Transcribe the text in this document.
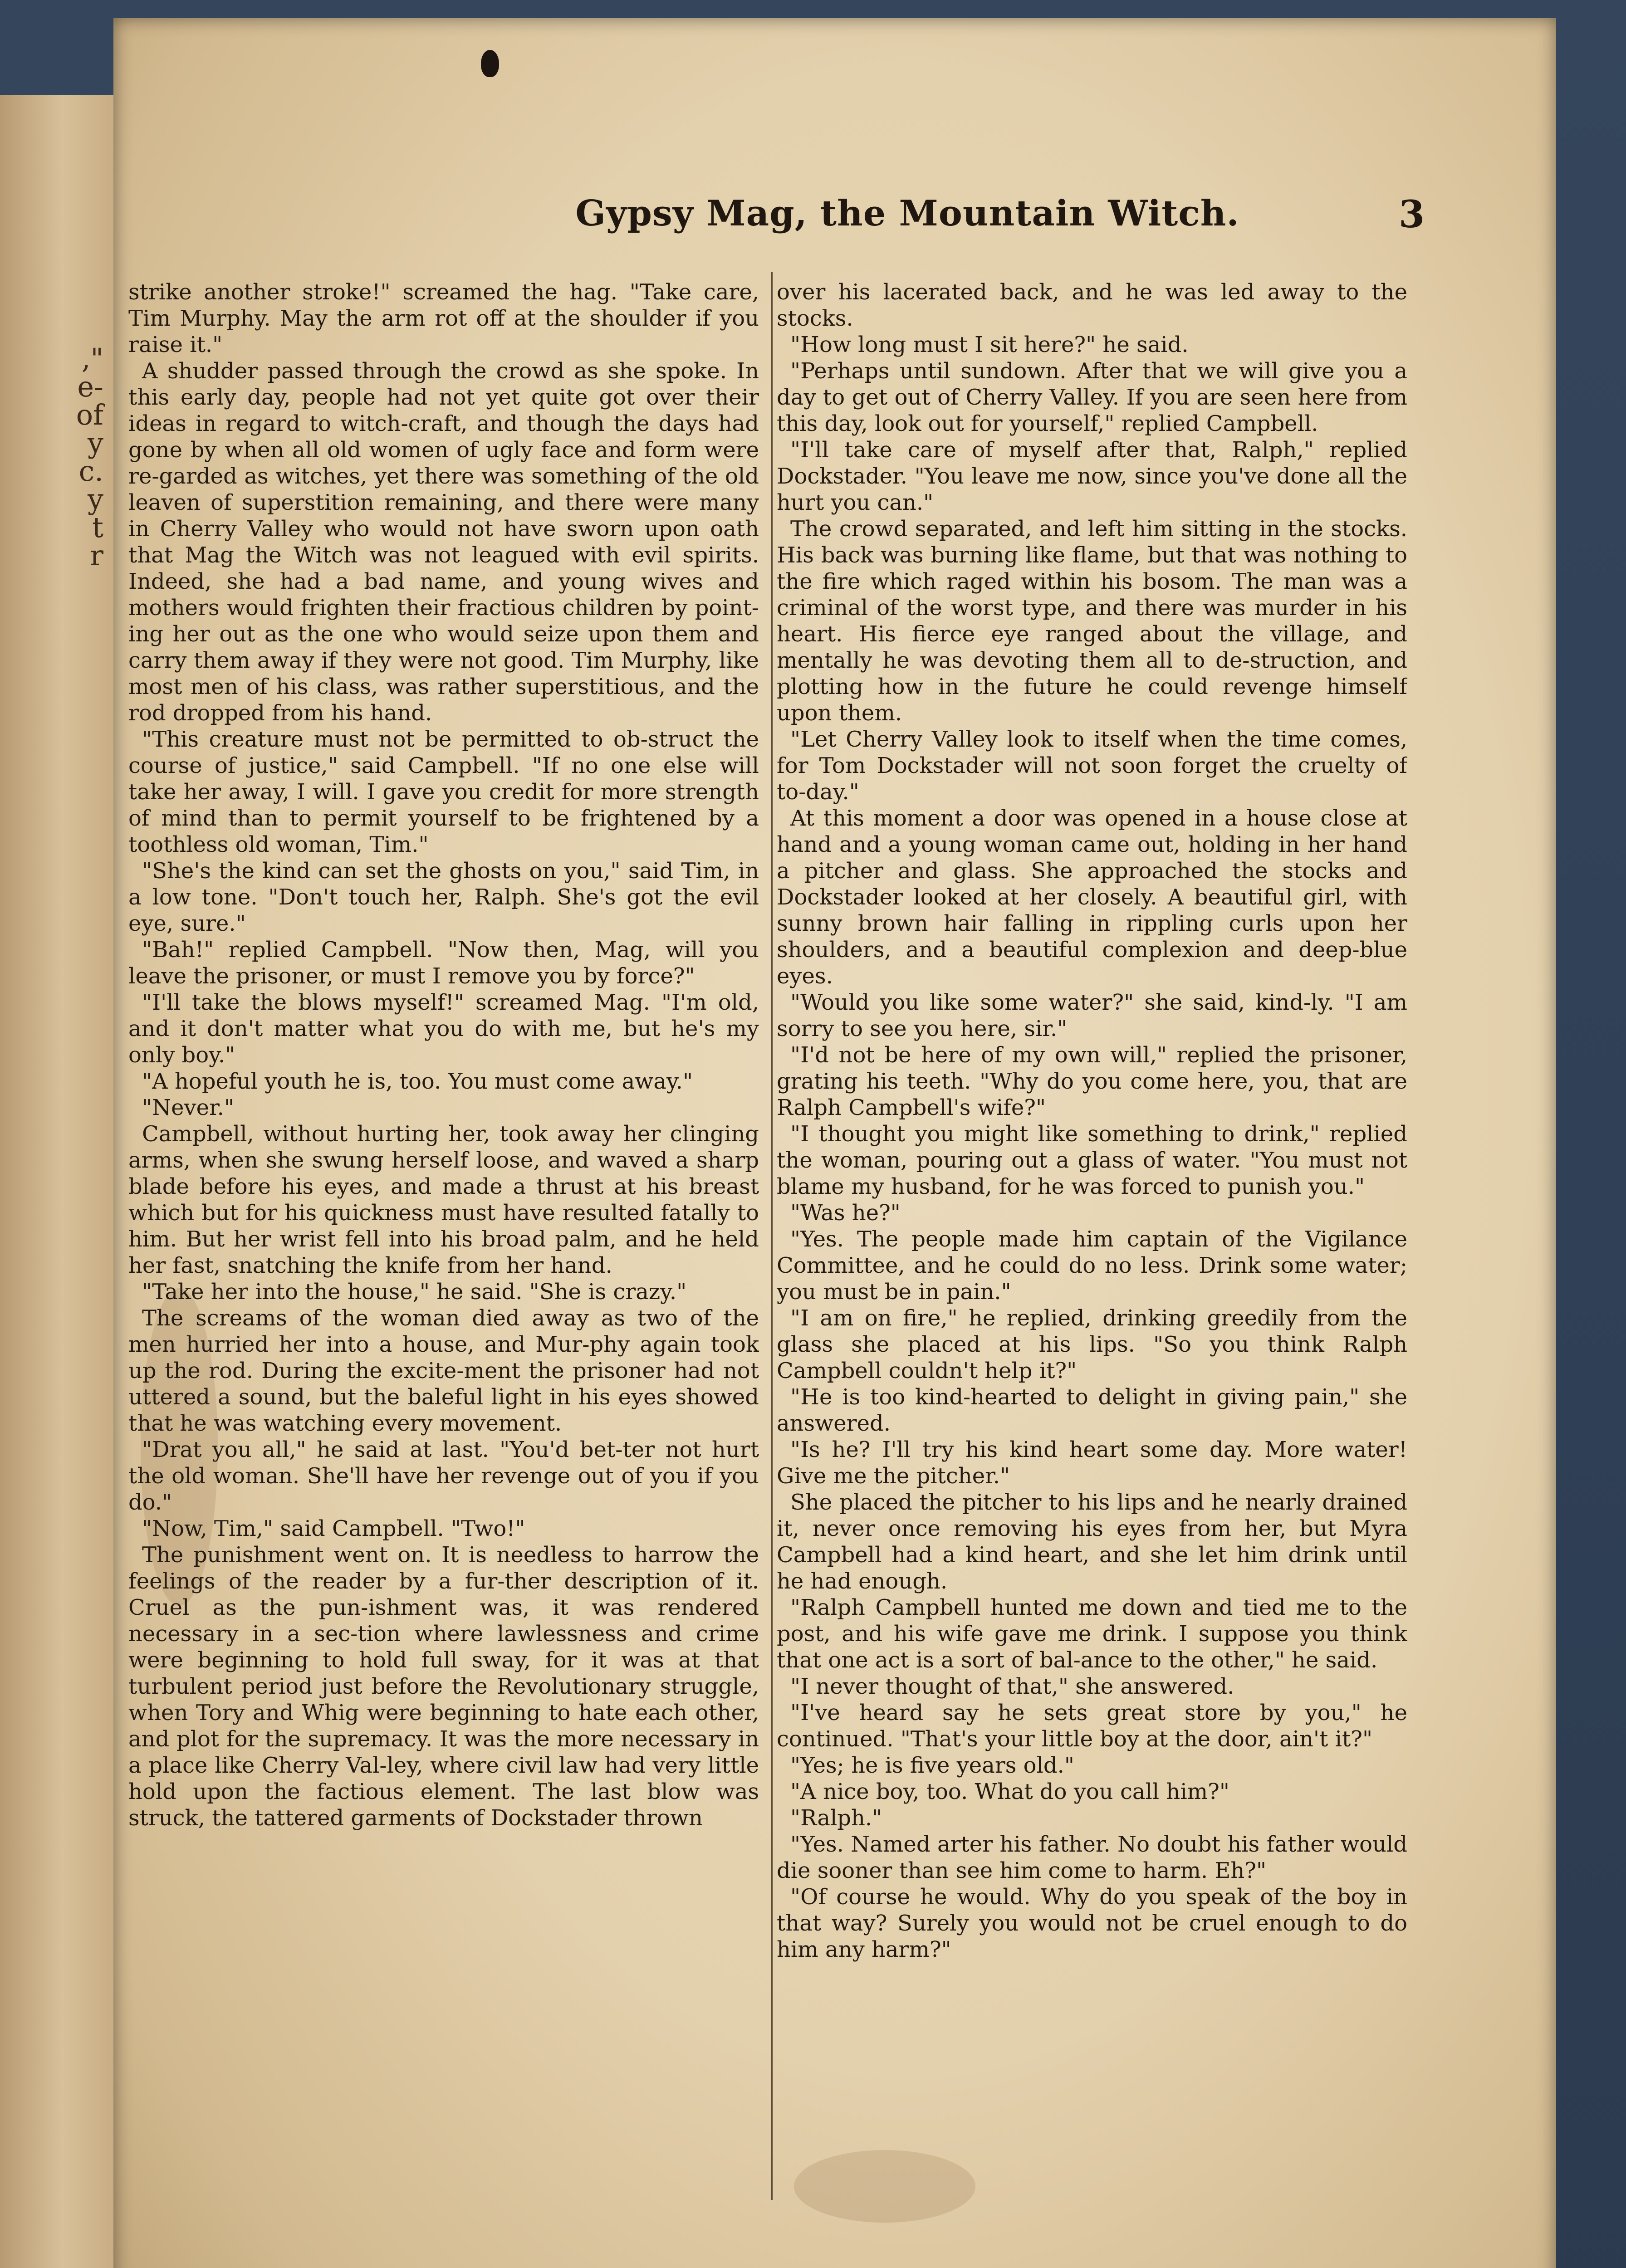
,"
e-
of
y
c.
y
t
r
Gypsy Mag, the Mountain Witch.	3

strike another stroke!" screamed the hag. "Take care, Tim Murphy. May the arm rot off at the shoulder if you raise it."

A shudder passed through the crowd as she spoke. In this early day, people had not yet quite got over their ideas in regard to witch-craft, and though the days had gone by when all old women of ugly face and form were re-garded as witches, yet there was something of the old leaven of superstition remaining, and there were many in Cherry Valley who would not have sworn upon oath that Mag the Witch was not leagued with evil spirits. Indeed, she had a bad name, and young wives and mothers would frighten their fractious children by point-ing her out as the one who would seize upon them and carry them away if they were not good. Tim Murphy, like most men of his class, was rather superstitious, and the rod dropped from his hand.

"This creature must not be permitted to ob-struct the course of justice," said Campbell. "If no one else will take her away, I will. I gave you credit for more strength of mind than to permit yourself to be frightened by a toothless old woman, Tim."

"She's the kind can set the ghosts on you," said Tim, in a low tone. "Don't touch her, Ralph. She's got the evil eye, sure."

"Bah!" replied Campbell. "Now then, Mag, will you leave the prisoner, or must I remove you by force?"

"I'll take the blows myself!" screamed Mag. "I'm old, and it don't matter what you do with me, but he's my only boy."

"A hopeful youth he is, too. You must come away."

"Never."

Campbell, without hurting her, took away her clinging arms, when she swung herself loose, and waved a sharp blade before his eyes, and made a thrust at his breast which but for his quickness must have resulted fatally to him. But her wrist fell into his broad palm, and he held her fast, snatching the knife from her hand.

"Take her into the house," he said. "She is crazy."

The screams of the woman died away as two of the men hurried her into a house, and Mur-phy again took up the rod. During the excite-ment the prisoner had not uttered a sound, but the baleful light in his eyes showed that he was watching every movement.

"Drat you all," he said at last. "You'd bet-ter not hurt the old woman. She'll have her revenge out of you if you do."

"Now, Tim," said Campbell. "Two!"

The punishment went on. It is needless to harrow the feelings of the reader by a fur-ther description of it. Cruel as the pun-ishment was, it was rendered necessary in a sec-tion where lawlessness and crime were beginning to hold full sway, for it was at that turbulent period just before the Revolutionary struggle, when Tory and Whig were beginning to hate each other, and plot for the supremacy. It was the more necessary in a place like Cherry Val-ley, where civil law had very little hold upon the factious element. The last blow was struck, the tattered garments of Dockstader thrown

over his lacerated back, and he was led away to the stocks.

"How long must I sit here?" he said.

"Perhaps until sundown. After that we will give you a day to get out of Cherry Valley. If you are seen here from this day, look out for yourself," replied Campbell.

"I'll take care of myself after that, Ralph," replied Dockstader. "You leave me now, since you've done all the hurt you can."

The crowd separated, and left him sitting in the stocks. His back was burning like flame, but that was nothing to the fire which raged within his bosom. The man was a criminal of the worst type, and there was murder in his heart. His fierce eye ranged about the village, and mentally he was devoting them all to de-struction, and plotting how in the future he could revenge himself upon them.

"Let Cherry Valley look to itself when the time comes, for Tom Dockstader will not soon forget the cruelty of to-day."

At this moment a door was opened in a house close at hand and a young woman came out, holding in her hand a pitcher and glass. She approached the stocks and Dockstader looked at her closely. A beautiful girl, with sunny brown hair falling in rippling curls upon her shoulders, and a beautiful complexion and deep-blue eyes.

"Would you like some water?" she said, kind-ly. "I am sorry to see you here, sir."

"I'd not be here of my own will," replied the prisoner, grating his teeth. "Why do you come here, you, that are Ralph Campbell's wife?"

"I thought you might like something to drink," replied the woman, pouring out a glass of water. "You must not blame my husband, for he was forced to punish you."

"Was he?"

"Yes. The people made him captain of the Vigilance Committee, and he could do no less. Drink some water; you must be in pain."

"I am on fire," he replied, drinking greedily from the glass she placed at his lips. "So you think Ralph Campbell couldn't help it?"

"He is too kind-hearted to delight in giving pain," she answered.

"Is he? I'll try his kind heart some day. More water! Give me the pitcher."

She placed the pitcher to his lips and he nearly drained it, never once removing his eyes from her, but Myra Campbell had a kind heart, and she let him drink until he had enough.

"Ralph Campbell hunted me down and tied me to the post, and his wife gave me drink. I suppose you think that one act is a sort of bal-ance to the other," he said.

"I never thought of that," she answered.

"I've heard say he sets great store by you," he continued. "That's your little boy at the door, ain't it?"

"Yes; he is five years old."

"A nice boy, too. What do you call him?"

"Ralph."

"Yes. Named arter his father. No doubt his father would die sooner than see him come to harm. Eh?"

"Of course he would. Why do you speak of the boy in that way? Surely you would not be cruel enough to do him any harm?"
